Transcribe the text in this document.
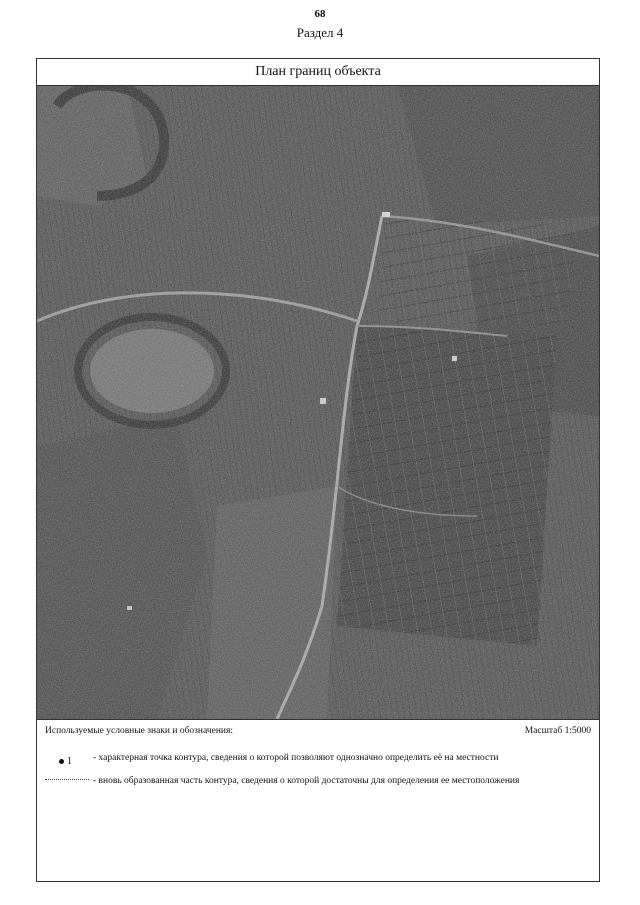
68
Раздел 4
План границ объекта
Используемые условные знаки и обозначения:	Масштаб 1:5000
1 - характерная точка контура, сведения о которой позволяют однозначно определить её на местности
- вновь образованная часть контура, сведения о которой достаточны для определения ее местоположения
